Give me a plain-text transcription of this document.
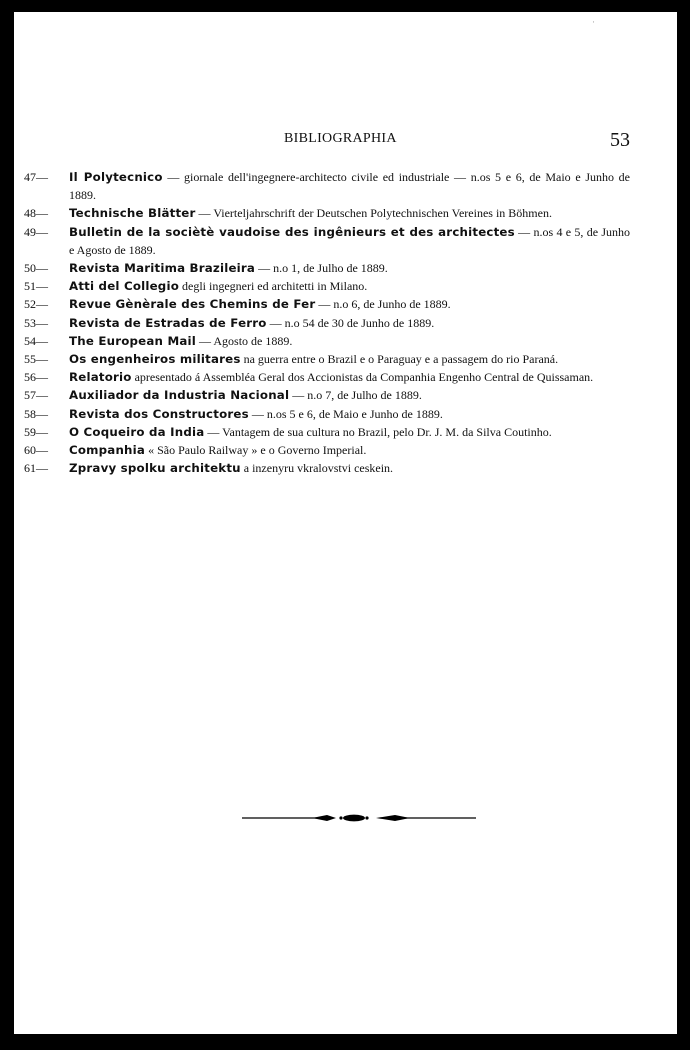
·
BIBLIOGRAPHIA	53
47—	Il Polytecnico — giornale dell'ingegnere-architecto civile ed industriale — n.os 5 e 6, de Maio e Junho de 1889.
48—	Technische Blätter — Vierteljahrschrift der Deutschen Polytechnischen Vereines in Böhmen.
49—	Bulletin de la sociètè vaudoise des ingênieurs et des architectes — n.os 4 e 5, de Junho e Agosto de 1889.
50—	Revista Maritima Brazileira — n.o 1, de Julho de 1889.
51—	Atti del Collegio degli ingegneri ed architetti in Milano.
52—	Revue Gènèrale des Chemins de Fer — n.o 6, de Junho de 1889.
53—	Revista de Estradas de Ferro — n.o 54 de 30 de Junho de 1889.
54—	The European Mail — Agosto de 1889.
55—	Os engenheiros militares na guerra entre o Brazil e o Paraguay e a passagem do rio Paraná.
56—	Relatorio apresentado á Assembléa Geral dos Accionistas da Companhia Engenho Central de Quissaman.
57—	Auxiliador da Industria Nacional — n.o 7, de Julho de 1889.
58—	Revista dos Constructores — n.os 5 e 6, de Maio e Junho de 1889.
59—	O Coqueiro da India — Vantagem de sua cultura no Brazil, pelo Dr. J. M. da Silva Coutinho.
60—	Companhia « São Paulo Railway » e o Governo Imperial.
61—	Zpravy spolku architektu a inzenyru vkralovstvi ceskein.
